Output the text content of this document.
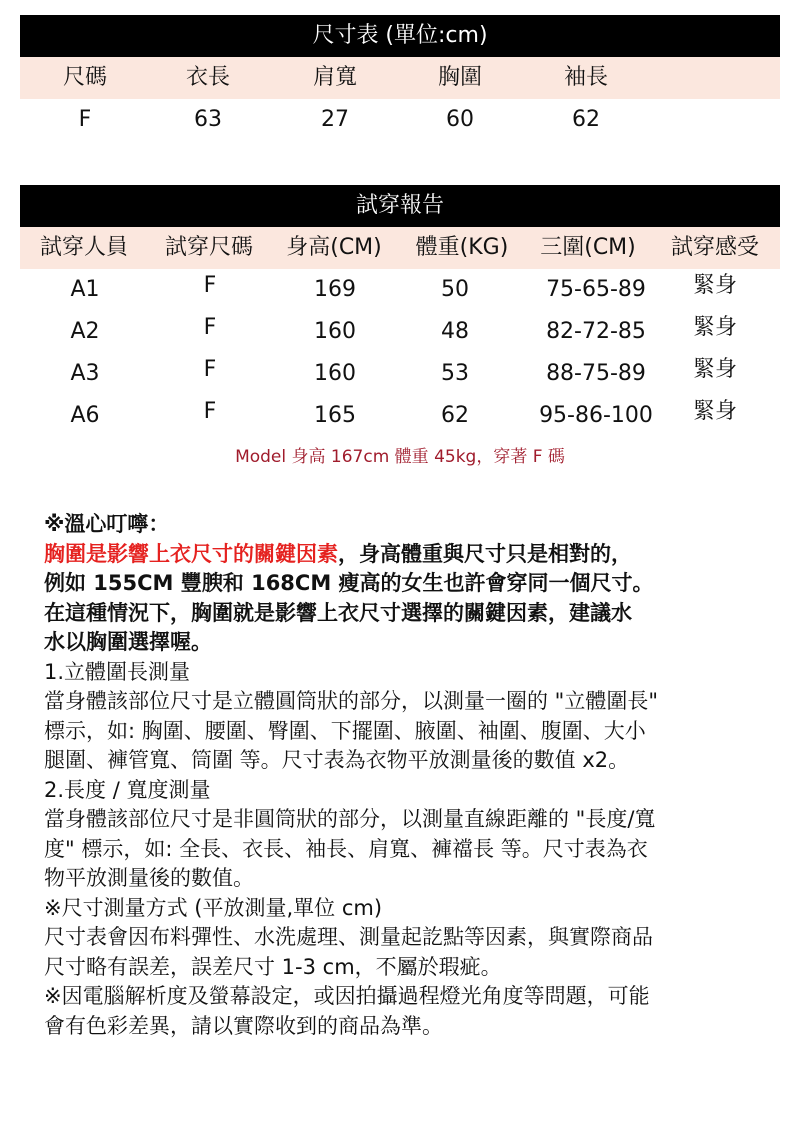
尺寸表 (單位:cm)
尺碼	衣長	肩寬	胸圍	袖長
F	63	27	60	62
試穿報告
試穿人員	試穿尺碼	身高(CM)	體重(KG)	三圍(CM)	試穿感受
A1	F	169	50	75-65-89	緊身
A2	F	160	48	82-72-85	緊身
A3	F	160	53	88-75-89	緊身
A6	F	165	62	95-86-100	緊身
Model 身高 167cm 體重 45kg，穿著 F 碼
※溫心叮嚀：
胸圍是影響上衣尺寸的關鍵因素，身高體重與尺寸只是相對的，
例如 155CM 豐腴和 168CM 瘦高的女生也許會穿同一個尺寸。
在這種情況下，胸圍就是影響上衣尺寸選擇的關鍵因素，建議水
水以胸圍選擇喔。
1.立體圍長測量
當身體該部位尺寸是立體圓筒狀的部分，以測量一圈的 "立體圍長"
標示，如: 胸圍、腰圍、臀圍、下擺圍、腋圍、袖圍、腹圍、大小
腿圍、褲管寬、筒圍 等。尺寸表為衣物平放測量後的數值 x2。
2.長度 / 寬度測量
當身體該部位尺寸是非圓筒狀的部分，以測量直線距離的 "長度/寬
度" 標示，如: 全長、衣長、袖長、肩寬、褲襠長 等。尺寸表為衣
物平放測量後的數值。
※尺寸測量方式 (平放測量,單位 cm)
尺寸表會因布料彈性、水洗處理、測量起訖點等因素，與實際商品
尺寸略有誤差，誤差尺寸 1-3 cm，不屬於瑕疵。
※因電腦解析度及螢幕設定，或因拍攝過程燈光角度等問題，可能
會有色彩差異，請以實際收到的商品為準。
